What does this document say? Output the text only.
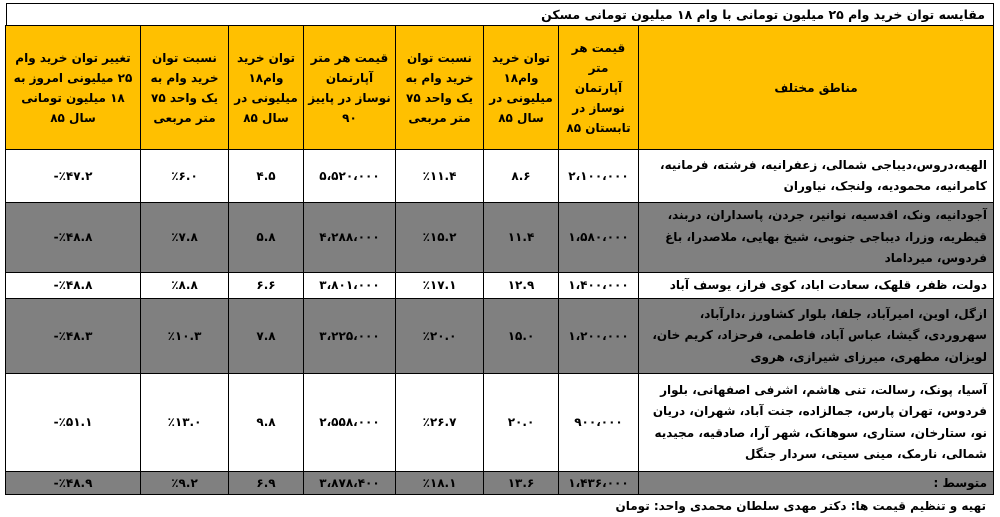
مقایسه توان خرید وام ۲۵ میلیون تومانی با وام ۱۸ میلیون تومانی مسکن
مناطق مختلف	قیمت هر متر آپارتمان نوساز در تابستان ۸۵	توان خرید وام۱۸ میلیونی در سال ۸۵	نسبت توان خرید وام به یک واحد ۷۵ متر مربعی	قیمت هر متر آپارتمان نوساز در پاییز ۹۰	توان خرید وام۱۸ میلیونی در سال ۸۵	نسبت توان خرید وام به یک واحد ۷۵ متر مربعی	تغییر توان خرید وام ۲۵ میلیونی امروز به ۱۸ میلیون تومانی سال ۸۵
الهیه،دروس،دیباجی شمالی، زعفرانیه، فرشته، فرمانیه، کامرانیه، محمودیه، ولنجک، نیاوران	۲،۱۰۰،۰۰۰	۸.۶	٪۱۱.۴	۵،۵۲۰،۰۰۰	۴.۵	٪۶.۰	٪۴۷.۲-
آجودانیه، ونک، اقدسیه، نوانیر، جردن، پاسداران، دربند، قیطریه، وزرا، دیباجی جنوبی، شیخ بهایی، ملاصدرا، باغ فردوس، میرداماد	۱،۵۸۰،۰۰۰	۱۱.۴	٪۱۵.۲	۴،۲۸۸،۰۰۰	۵.۸	٪۷.۸	٪۴۸.۸-
دولت، ظفر، قلهک، سعادت اباد، کوی فراز، یوسف آباد	۱،۴۰۰،۰۰۰	۱۲.۹	٪۱۷.۱	۳،۸۰۱،۰۰۰	۶.۶	٪۸.۸	٪۴۸.۸-
ازگل، اوین، امیرآباد، جلفا، بلوار کشاورز ،دارآباد، سهروردی، گیشا، عباس آباد، فاطمی، فرحزاد، کریم خان، لویزان، مطهری، میرزای شیرازی، هروی	۱،۲۰۰،۰۰۰	۱۵.۰	٪۲۰.۰	۳،۲۲۵،۰۰۰	۷.۸	٪۱۰.۳	٪۴۸.۳-
آسیا، پونک، رسالت، تنی هاشم، اشرفی اصفهانی، بلوار فردوس، تهران پارس، جمالزاده، جنت آباد، شهران، دریان نو، ستارخان، ستاری، سوهانک، شهر آرا، صادقیه، مجیدیه شمالی، نارمک، مینی سیتی، سردار جنگل	۹۰۰،۰۰۰	۲۰.۰	٪۲۶.۷	۲،۵۵۸،۰۰۰	۹.۸	٪۱۳.۰	٪۵۱.۱-
متوسط :	۱،۴۳۶،۰۰۰	۱۳.۶	٪۱۸.۱	۳،۸۷۸،۴۰۰	۶.۹	٪۹.۲	٪۴۸.۹-
تهیه و تنظیم قیمت ها: دکتر مهدی سلطان محمدی واحد: تومان
